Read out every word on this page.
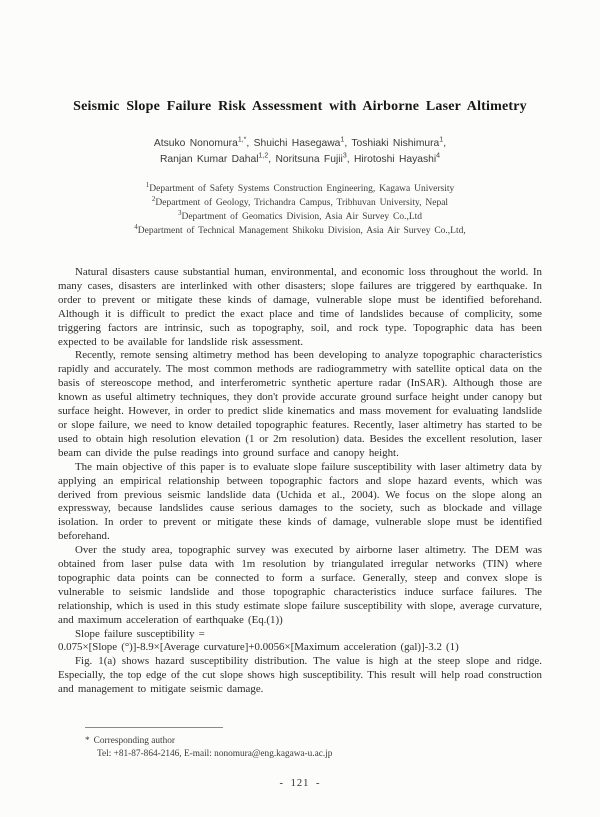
Seismic Slope Failure Risk Assessment with Airborne Laser Altimetry
Atsuko Nonomura$^{1,*}$, Shuichi Hasegawa$^1$, Toshiaki Nishimura$^1$,
Ranjan Kumar Dahal$^{1,2}$, Noritsuna Fujii$^3$, Hirotoshi Hayashi$^4$
$^1$Department of Safety Systems Construction Engineering, Kagawa University
$^2$Department of Geology, Trichandra Campus, Tribhuvan University, Nepal
$^3$Department of Geomatics Division, Asia Air Survey Co.,Ltd
$^4$Department of Technical Management Shikoku Division, Asia Air Survey Co.,Ltd,

Natural disasters cause substantial human, environmental, and economic loss throughout the world. In many cases, disasters are interlinked with other disasters; slope failures are triggered by earthquake. In order to prevent or mitigate these kinds of damage, vulnerable slope must be identified beforehand. Although it is difficult to predict the exact place and time of landslides because of complicity, some triggering factors are intrinsic, such as topography, soil, and rock type. Topographic data has been expected to be available for landslide risk assessment.

Recently, remote sensing altimetry method has been developing to analyze topographic characteristics rapidly and accurately. The most common methods are radiogrammetry with satellite optical data on the basis of stereoscope method, and interferometric synthetic aperture radar (InSAR). Although those are known as useful altimetry techniques, they don't provide accurate ground surface height under canopy but surface height. However, in order to predict slide kinematics and mass movement for evaluating landslide or slope failure, we need to know detailed topographic features. Recently, laser altimetry has started to be used to obtain high resolution elevation (1 or 2m resolution) data. Besides the excellent resolution, laser beam can divide the pulse readings into ground surface and canopy height.

The main objective of this paper is to evaluate slope failure susceptibility with laser altimetry data by applying an empirical relationship between topographic factors and slope hazard events, which was derived from previous seismic landslide data (Uchida et al., 2004). We focus on the slope along an expressway, because landslides cause serious damages to the society, such as blockade and village isolation. In order to prevent or mitigate these kinds of damage, vulnerable slope must be identified beforehand.

Over the study area, topographic survey was executed by airborne laser altimetry. The DEM was obtained from laser pulse data with 1m resolution by triangulated irregular networks (TIN) where topographic data points can be connected to form a surface. Generally, steep and convex slope is vulnerable to seismic landslide and those topographic characteristics induce surface failures. The relationship, which is used in this study estimate slope failure susceptibility with slope, average curvature, and maximum acceleration of earthquake (Eq.(1))

Slope failure susceptibility =

0.075×[Slope (°)]-8.9×[Average curvature]+0.0056×[Maximum acceleration (gal)]-3.2 (1)

Fig. 1(a) shows hazard susceptibility distribution. The value is high at the steep slope and ridge. Especially, the top edge of the cut slope shows high susceptibility. This result will help road construction and management to mitigate seismic damage.

* Corresponding author
Tel: +81-87-864-2146, E-mail: nonomura@eng.kagawa-u.ac.jp
- 121 -
